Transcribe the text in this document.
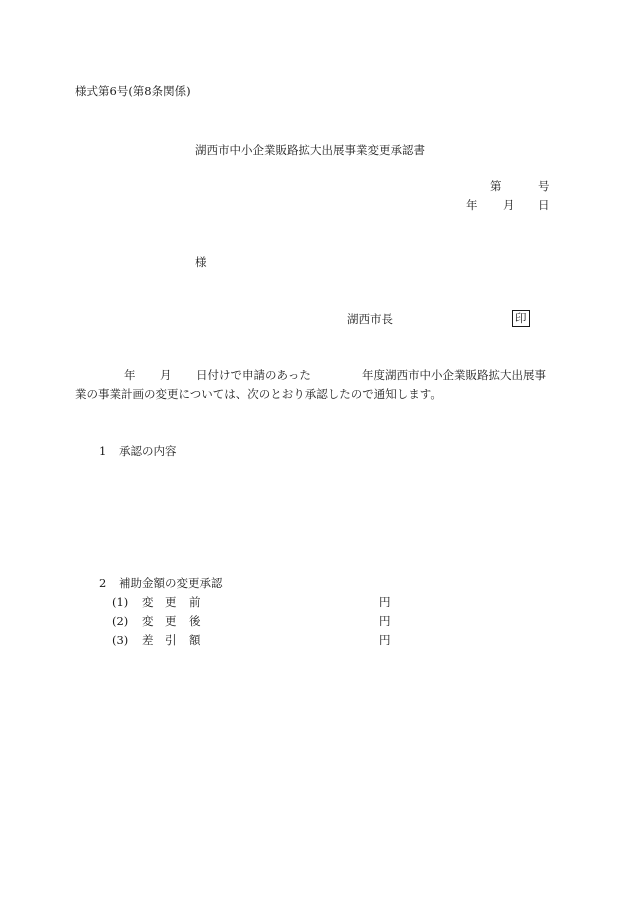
様式第6号(第8条関係)
湖西市中小企業販路拡大出展事業変更承認書
第	号
年 月 日
様
湖西市長	印
年 月 日付けで申請のあった	年度湖西市中小企業販路拡大出展事
業の事業計画の変更については、次のとおり承認したので通知します。
1 承認の内容
2 補助金額の変更承認
(1) 変 更 前	円
(2) 変 更 後	円
(3) 差 引 額	円
